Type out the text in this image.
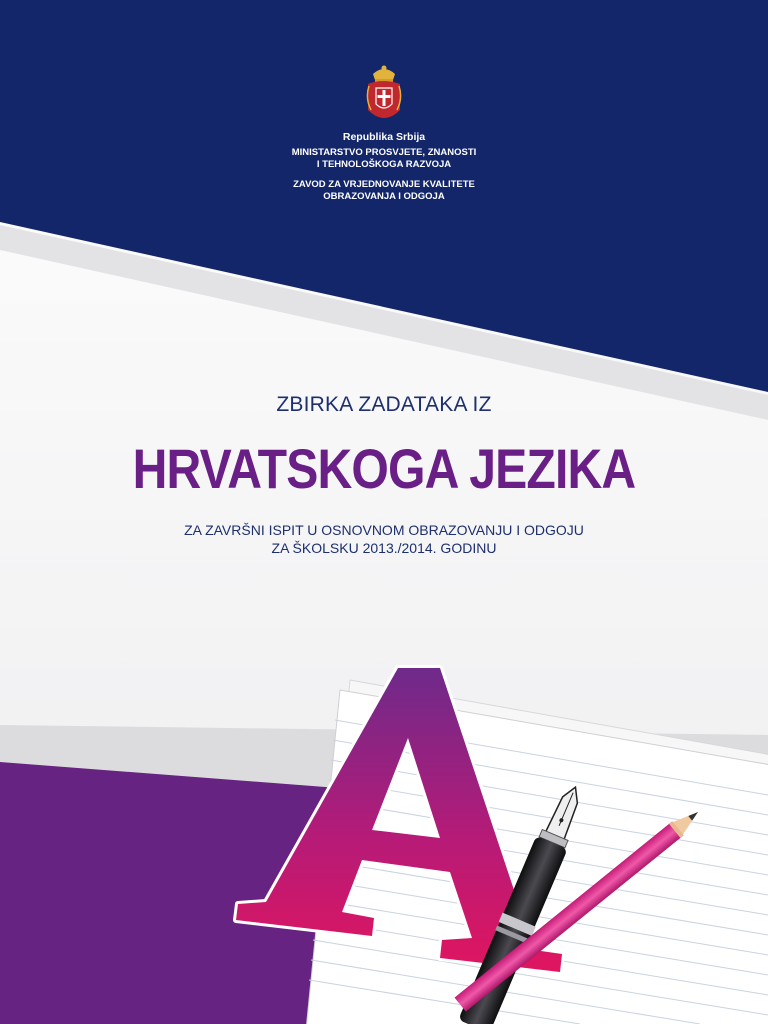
Republika Srbija
MINISTARSTVO PROSVJETE, ZNANOSTI
I TEHNOLOŠKOGA RAZVOJA
ZAVOD ZA VRJEDNOVANJE KVALITETE
OBRAZOVANJA I ODGOJA
ZBIRKA ZADATAKA IZ
HRVATSKOGA JEZIKA
ZA ZAVRŠNI ISPIT U OSNOVNOM OBRAZOVANJU I ODGOJU
ZA ŠKOLSKU 2013./2014. GODINU
